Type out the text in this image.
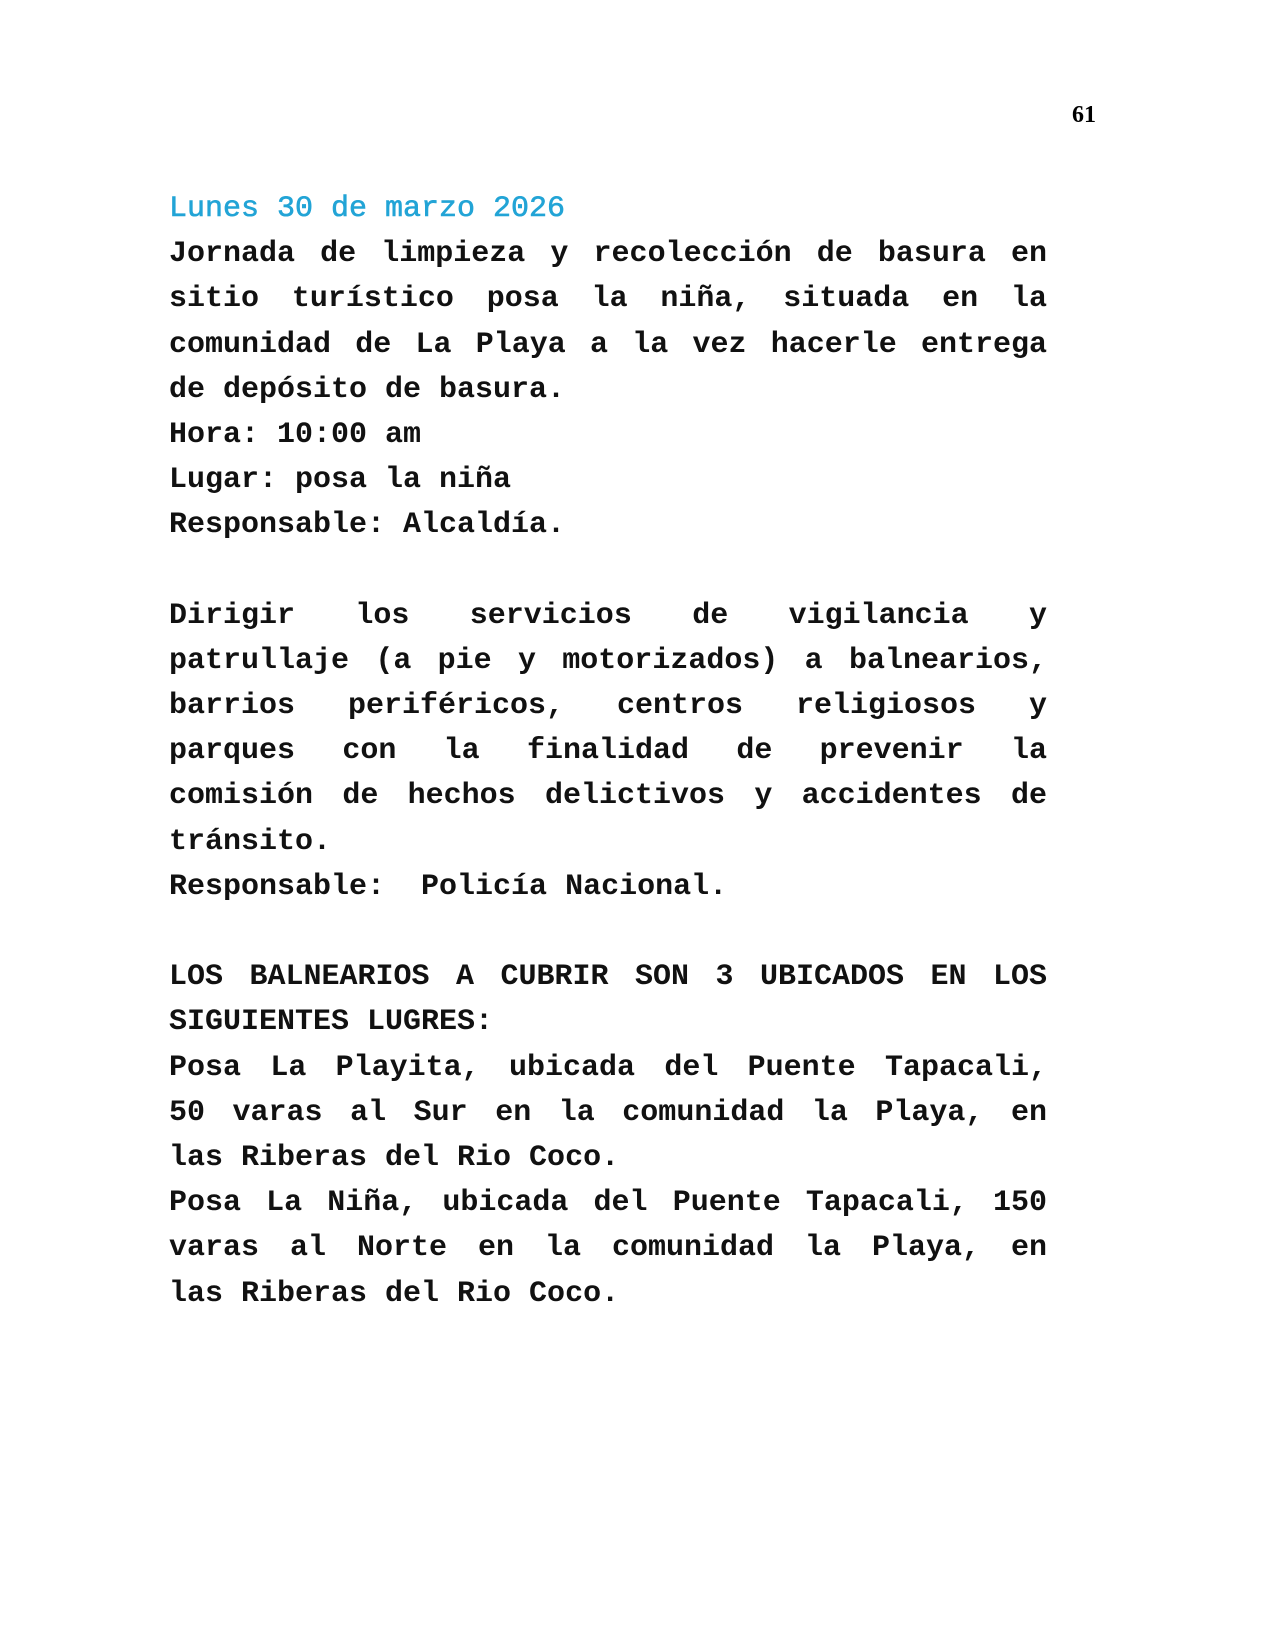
61
Lunes 30 de marzo 2026
Jornada de limpieza y recolección de basura en
sitio turístico posa la niña, situada en la
comunidad de La Playa a la vez hacerle entrega
de depósito de basura.
Hora: 10:00 am
Lugar: posa la niña
Responsable: Alcaldía.
Dirigir los servicios de vigilancia y
patrullaje (a pie y motorizados) a balnearios,
barrios periféricos, centros religiosos y
parques con la finalidad de prevenir la
comisión de hechos delictivos y accidentes de
tránsito.
Responsable:  Policía Nacional.
LOS BALNEARIOS A CUBRIR SON 3 UBICADOS EN LOS
SIGUIENTES LUGRES:
Posa La Playita, ubicada del Puente Tapacali,
50 varas al Sur en la comunidad la Playa, en
las Riberas del Rio Coco.
Posa La Niña, ubicada del Puente Tapacali, 150
varas al Norte en la comunidad la Playa, en
las Riberas del Rio Coco.
